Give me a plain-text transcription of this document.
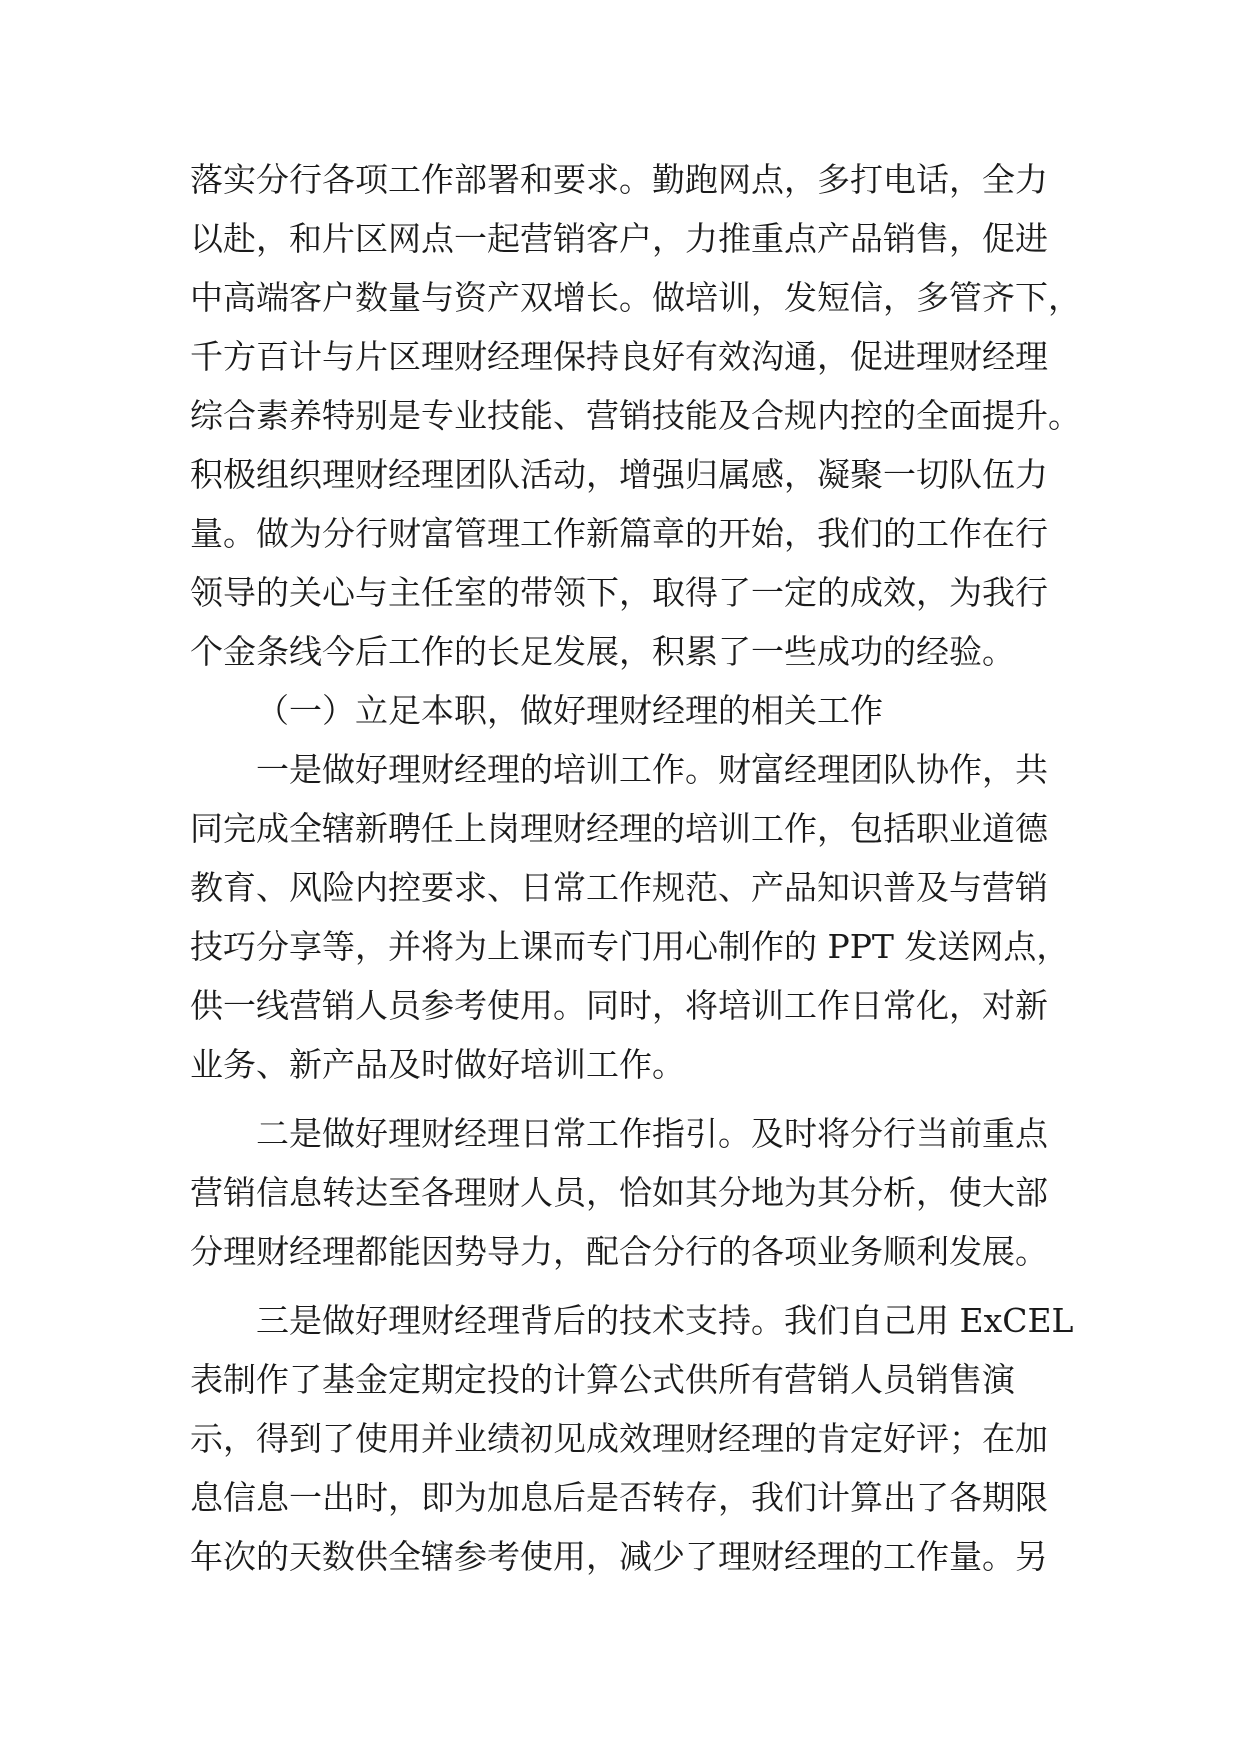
落实分行各项工作部署和要求。勤跑网点，多打电话，全力
以赴，和片区网点一起营销客户，力推重点产品销售，促进
中高端客户数量与资产双增长。做培训，发短信，多管齐下，
千方百计与片区理财经理保持良好有效沟通，促进理财经理
综合素养特别是专业技能、营销技能及合规内控的全面提升。
积极组织理财经理团队活动，增强归属感，凝聚一切队伍力
量。做为分行财富管理工作新篇章的开始，我们的工作在行
领导的关心与主任室的带领下，取得了一定的成效，为我行
个金条线今后工作的长足发展，积累了一些成功的经验。
（一）立足本职，做好理财经理的相关工作
一是做好理财经理的培训工作。财富经理团队协作，共
同完成全辖新聘任上岗理财经理的培训工作，包括职业道德
教育、风险内控要求、日常工作规范、产品知识普及与营销
技巧分享等，并将为上课而专门用心制作的 PPT 发送网点，
供一线营销人员参考使用。同时，将培训工作日常化，对新
业务、新产品及时做好培训工作。
二是做好理财经理日常工作指引。及时将分行当前重点
营销信息转达至各理财人员，恰如其分地为其分析，使大部
分理财经理都能因势导力，配合分行的各项业务顺利发展。
三是做好理财经理背后的技术支持。我们自己用 ExCEL
表制作了基金定期定投的计算公式供所有营销人员销售演
示，得到了使用并业绩初见成效理财经理的肯定好评；在加
息信息一出时，即为加息后是否转存，我们计算出了各期限
年次的天数供全辖参考使用，减少了理财经理的工作量。另
